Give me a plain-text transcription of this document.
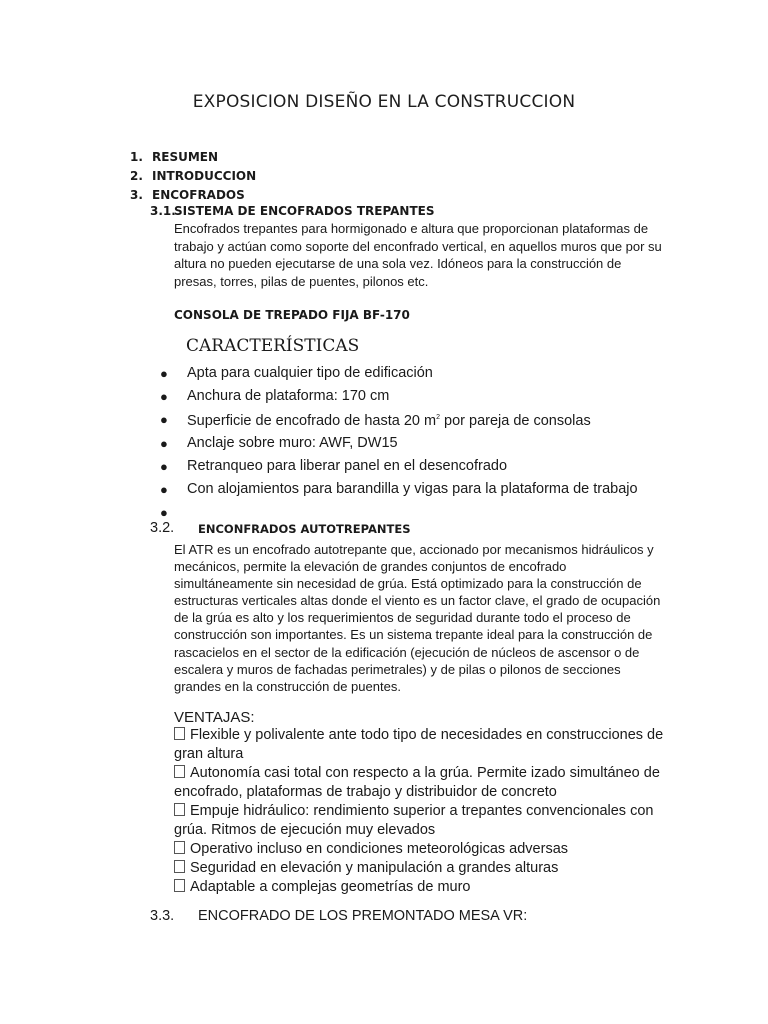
EXPOSICION DISEÑO EN LA CONSTRUCCION
1. RESUMEN
2. INTRODUCCION
3. ENCOFRADOS
3.1.
SISTEMA DE ENCOFRADOS TREPANTES

Encofrados trepantes para hormigonado e altura que proporcionan plataformas de trabajo y actúan como soporte del enconfrado vertical, en aquellos muros que por su altura no pueden ejecutarse de una sola vez. Idóneos para la construcción de presas, torres, pilas de puentes, pilonos etc.

CONSOLA DE TREPADO FIJA BF-170
CARACTERÍSTICAS
●	Apta para cualquier tipo de edificación
●	Anchura de plataforma: 170 cm
●	Superficie de encofrado de hasta 20 $m^2$ por pareja de consolas
●	Anclaje sobre muro: AWF, DW15
●	Retranqueo para liberar panel en el desencofrado
●	Con alojamientos para barandilla y vigas para la plataforma de trabajo
●
3.2. ENCONFRADOS AUTOTREPANTES

El ATR es un encofrado autotrepante que, accionado por mecanismos hidráulicos y mecánicos, permite la elevación de grandes conjuntos de encofrado simultáneamente sin necesidad de grúa. Está optimizado para la construcción de estructuras verticales altas donde el viento es un factor clave, el grado de ocupación de la grúa es alto y los requerimientos de seguridad durante todo el proceso de construcción son importantes. Es un sistema trepante ideal para la construcción de rascacielos en el sector de la edificación (ejecución de núcleos de ascensor o de escalera y muros de fachadas perimetrales) y de pilas o pilonos de secciones grandes en la construcción de puentes.

VENTAJAS:
Flexible y polivalente ante todo tipo de necesidades en construcciones de gran altura
Autonomía casi total con respecto a la grúa. Permite izado simultáneo de encofrado, plataformas de trabajo y distribuidor de concreto
Empuje hidráulico: rendimiento superior a trepantes convencionales con grúa. Ritmos de ejecución muy elevados
Operativo incluso en condiciones meteorológicas adversas
Seguridad en elevación y manipulación a grandes alturas
Adaptable a complejas geometrías de muro
3.3. ENCOFRADO DE LOS PREMONTADO MESA VR:
